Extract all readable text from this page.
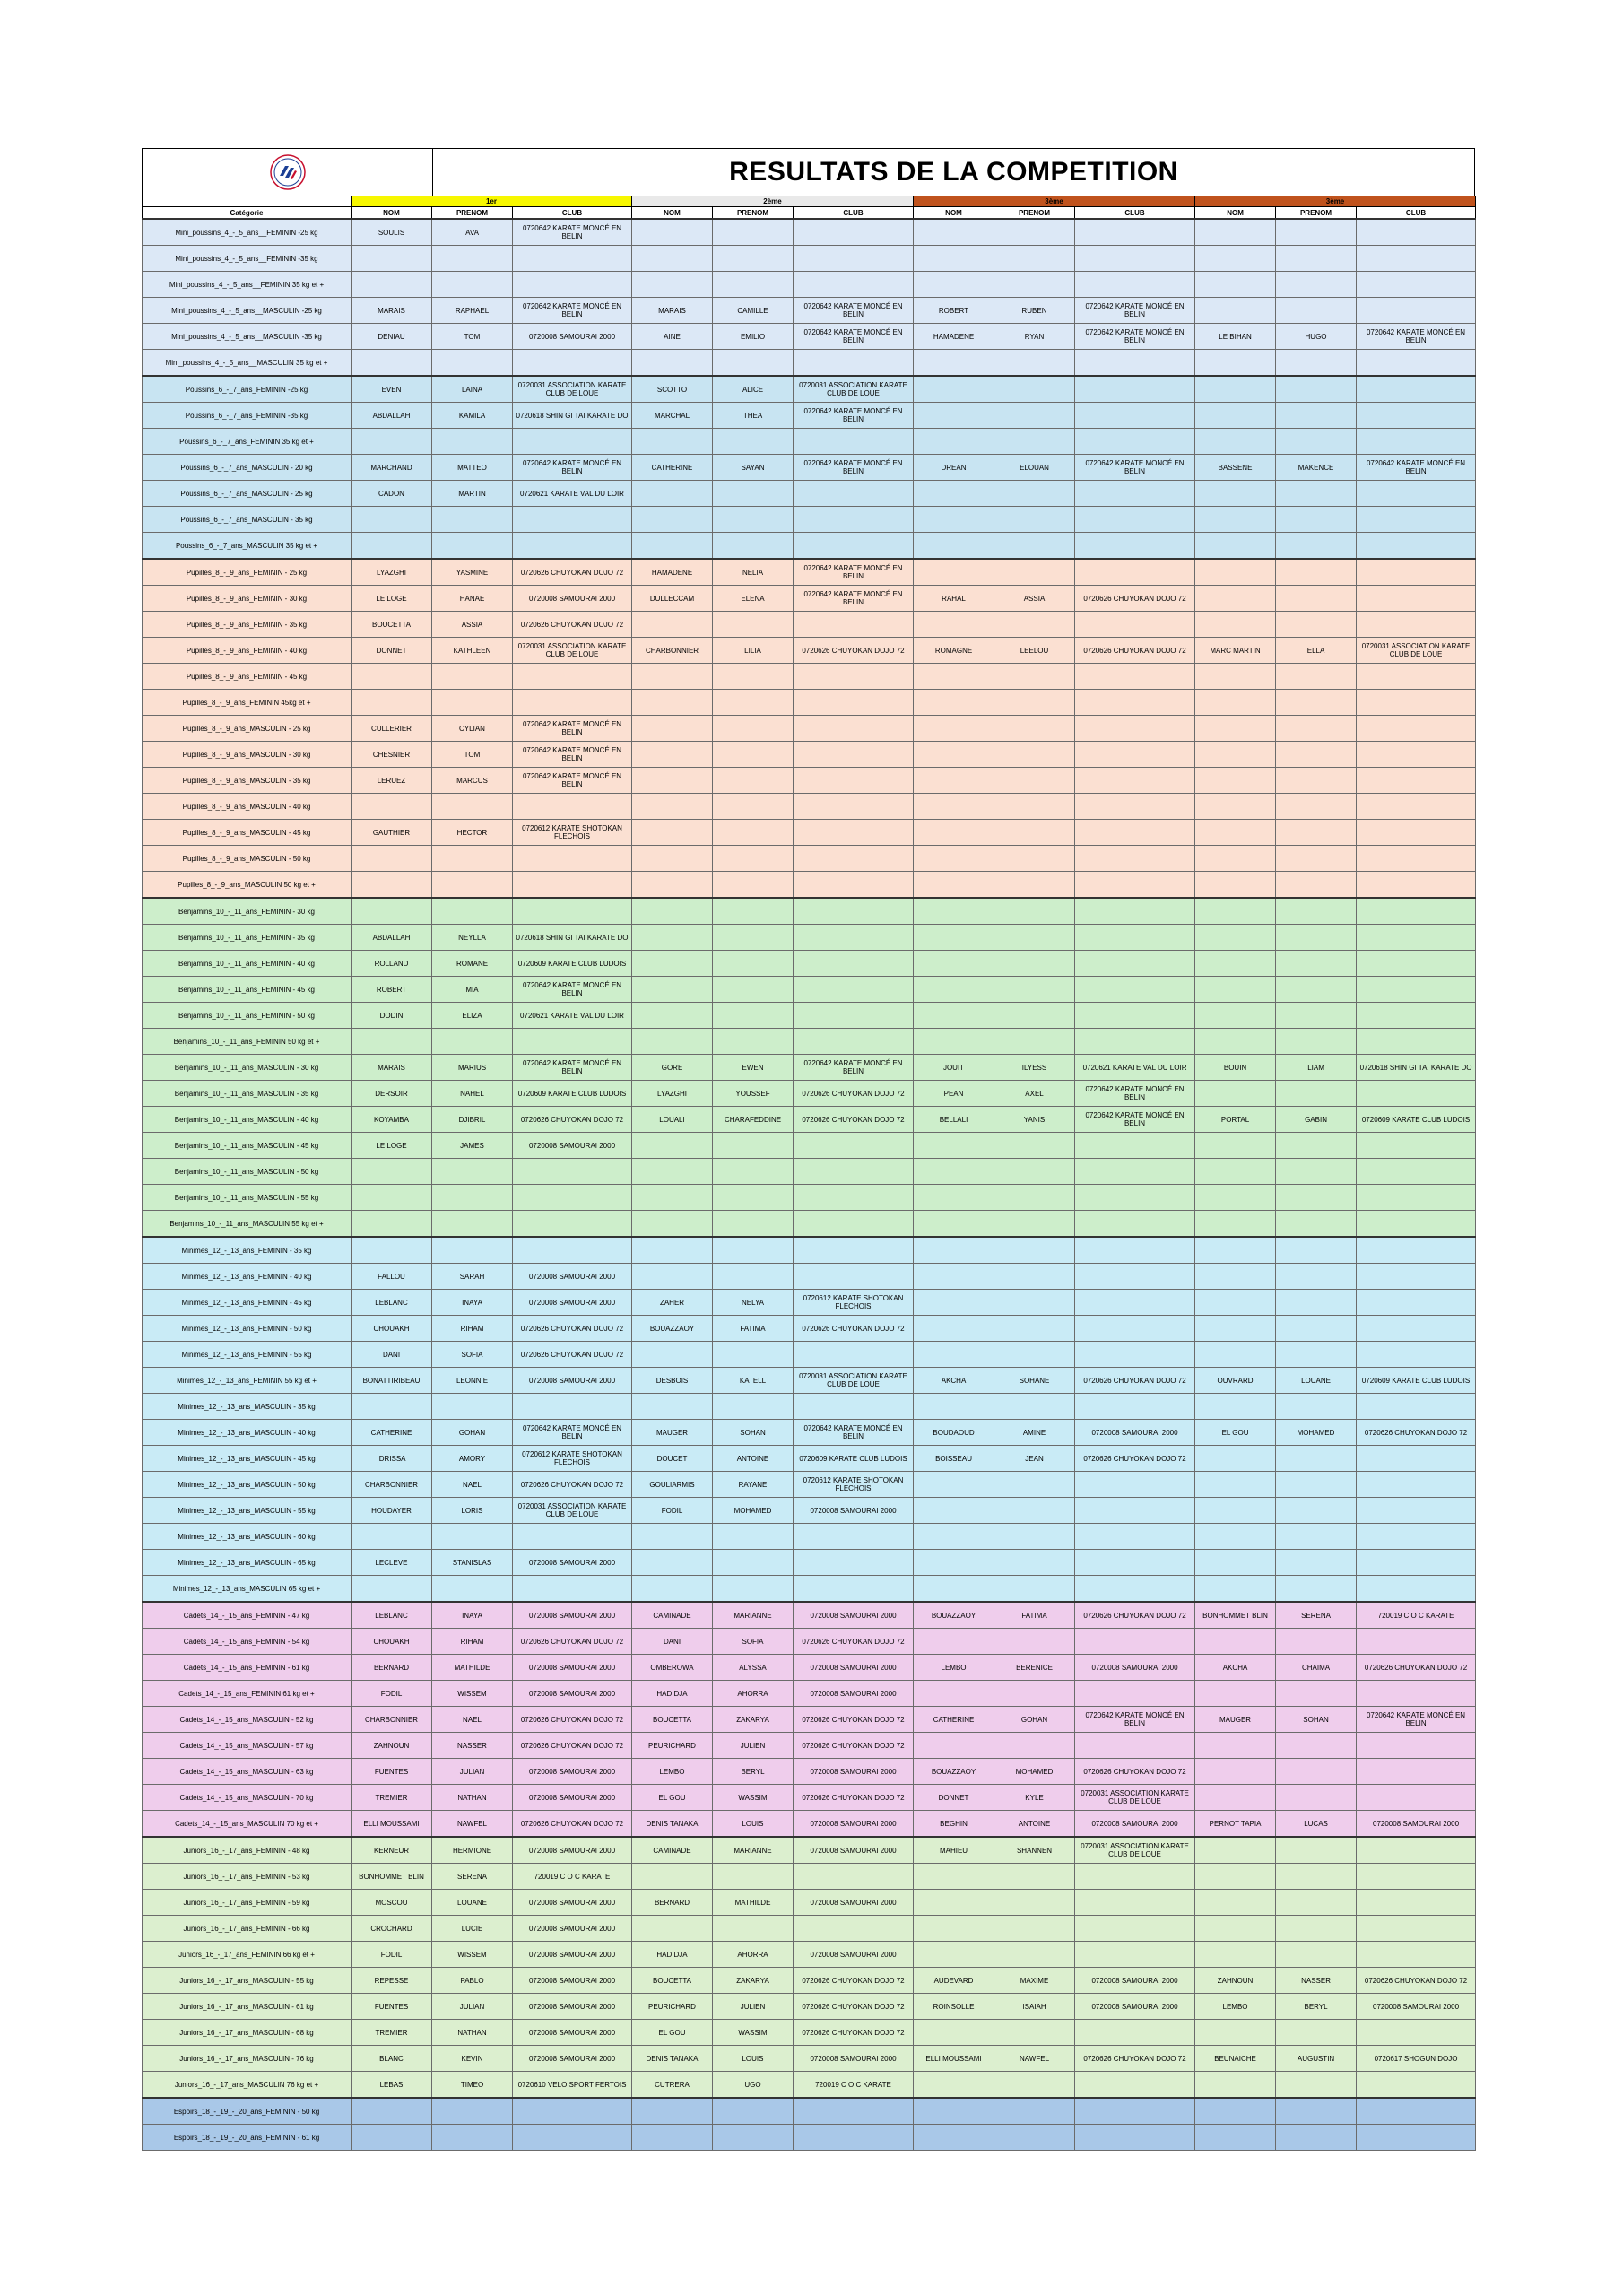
RESULTATS DE LA COMPETITION
	1er			2ème			3ème			3ème		
Catégorie	NOM	PRENOM	CLUB	NOM	PRENOM	CLUB	NOM	PRENOM	CLUB	NOM	PRENOM	CLUB
Mini_poussins_4_-_5_ans__FEMININ -25 kg	SOULIS	AVA	0720642 KARATE MONCÉ EN BELIN									
Mini_poussins_4_-_5_ans__FEMININ -35 kg												
Mini_poussins_4_-_5_ans__FEMININ 35 kg et +												
Mini_poussins_4_-_5_ans__MASCULIN -25 kg	MARAIS	RAPHAEL	0720642 KARATE MONCÉ EN BELIN	MARAIS	CAMILLE	0720642 KARATE MONCÉ EN BELIN	ROBERT	RUBEN	0720642 KARATE MONCÉ EN BELIN			
Mini_poussins_4_-_5_ans__MASCULIN -35 kg	DENIAU	TOM	0720008 SAMOURAI 2000	AINE	EMILIO	0720642 KARATE MONCÉ EN BELIN	HAMADENE	RYAN	0720642 KARATE MONCÉ EN BELIN	LE BIHAN	HUGO	0720642 KARATE MONCÉ EN BELIN
Mini_poussins_4_-_5_ans__MASCULIN 35 kg et +												
Poussins_6_-_7_ans_FEMININ -25 kg	EVEN	LAINA	0720031 ASSOCIATION KARATE CLUB DE LOUE	SCOTTO	ALICE	0720031 ASSOCIATION KARATE CLUB DE LOUE						
Poussins_6_-_7_ans_FEMININ -35 kg	ABDALLAH	KAMILA	0720618 SHIN GI TAI KARATE DO	MARCHAL	THEA	0720642 KARATE MONCÉ EN BELIN						
Poussins_6_-_7_ans_FEMININ 35 kg et +												
Poussins_6_-_7_ans_MASCULIN - 20 kg	MARCHAND	MATTEO	0720642 KARATE MONCÉ EN BELIN	CATHERINE	SAYAN	0720642 KARATE MONCÉ EN BELIN	DREAN	ELOUAN	0720642 KARATE MONCÉ EN BELIN	BASSENE	MAKENCE	0720642 KARATE MONCÉ EN BELIN
Poussins_6_-_7_ans_MASCULIN - 25 kg	CADON	MARTIN	0720621 KARATE VAL DU LOIR									
Poussins_6_-_7_ans_MASCULIN - 35 kg												
Poussins_6_-_7_ans_MASCULIN 35 kg et +												
Pupilles_8_-_9_ans_FEMININ - 25 kg	LYAZGHI	YASMINE	0720626 CHUYOKAN DOJO 72	HAMADENE	NELIA	0720642 KARATE MONCÉ EN BELIN						
Pupilles_8_-_9_ans_FEMININ - 30 kg	LE LOGE	HANAE	0720008 SAMOURAI 2000	DULLECCAM	ELENA	0720642 KARATE MONCÉ EN BELIN	RAHAL	ASSIA	0720626 CHUYOKAN DOJO 72			
Pupilles_8_-_9_ans_FEMININ - 35 kg	BOUCETTA	ASSIA	0720626 CHUYOKAN DOJO 72									
Pupilles_8_-_9_ans_FEMININ - 40 kg	DONNET	KATHLEEN	0720031 ASSOCIATION KARATE CLUB DE LOUE	CHARBONNIER	LILIA	0720626 CHUYOKAN DOJO 72	ROMAGNE	LEELOU	0720626 CHUYOKAN DOJO 72	MARC MARTIN	ELLA	0720031 ASSOCIATION KARATE CLUB DE LOUE
Pupilles_8_-_9_ans_FEMININ - 45 kg												
Pupilles_8_-_9_ans_FEMININ 45kg et +												
Pupilles_8_-_9_ans_MASCULIN - 25 kg	CULLERIER	CYLIAN	0720642 KARATE MONCÉ EN BELIN									
Pupilles_8_-_9_ans_MASCULIN - 30 kg	CHESNIER	TOM	0720642 KARATE MONCÉ EN BELIN									
Pupilles_8_-_9_ans_MASCULIN - 35 kg	LERUEZ	MARCUS	0720642 KARATE MONCÉ EN BELIN									
Pupilles_8_-_9_ans_MASCULIN - 40 kg												
Pupilles_8_-_9_ans_MASCULIN - 45 kg	GAUTHIER	HECTOR	0720612 KARATE SHOTOKAN FLECHOIS									
Pupilles_8_-_9_ans_MASCULIN - 50 kg												
Pupilles_8_-_9_ans_MASCULIN 50 kg et +												
Benjamins_10_-_11_ans_FEMININ - 30 kg												
Benjamins_10_-_11_ans_FEMININ - 35 kg	ABDALLAH	NEYLLA	0720618 SHIN GI TAI KARATE DO									
Benjamins_10_-_11_ans_FEMININ - 40 kg	ROLLAND	ROMANE	0720609 KARATE CLUB LUDOIS									
Benjamins_10_-_11_ans_FEMININ - 45 kg	ROBERT	MIA	0720642 KARATE MONCÉ EN BELIN									
Benjamins_10_-_11_ans_FEMININ - 50 kg	DODIN	ELIZA	0720621 KARATE VAL DU LOIR									
Benjamins_10_-_11_ans_FEMININ 50 kg et +												
Benjamins_10_-_11_ans_MASCULIN - 30 kg	MARAIS	MARIUS	0720642 KARATE MONCÉ EN BELIN	GORE	EWEN	0720642 KARATE MONCÉ EN BELIN	JOUIT	ILYESS	0720621 KARATE VAL DU LOIR	BOUIN	LIAM	0720618 SHIN GI TAI KARATE DO
Benjamins_10_-_11_ans_MASCULIN - 35 kg	DERSOIR	NAHEL	0720609 KARATE CLUB LUDOIS	LYAZGHI	YOUSSEF	0720626 CHUYOKAN DOJO 72	PEAN	AXEL	0720642 KARATE MONCÉ EN BELIN			
Benjamins_10_-_11_ans_MASCULIN - 40 kg	KOYAMBA	DJIBRIL	0720626 CHUYOKAN DOJO 72	LOUALI	CHARAFEDDINE	0720626 CHUYOKAN DOJO 72	BELLALI	YANIS	0720642 KARATE MONCÉ EN BELIN	PORTAL	GABIN	0720609 KARATE CLUB LUDOIS
Benjamins_10_-_11_ans_MASCULIN - 45 kg	LE LOGE	JAMES	0720008 SAMOURAI 2000									
Benjamins_10_-_11_ans_MASCULIN - 50 kg												
Benjamins_10_-_11_ans_MASCULIN - 55 kg												
Benjamins_10_-_11_ans_MASCULIN 55 kg et +												
Minimes_12_-_13_ans_FEMININ - 35 kg												
Minimes_12_-_13_ans_FEMININ - 40 kg	FALLOU	SARAH	0720008 SAMOURAI 2000									
Minimes_12_-_13_ans_FEMININ - 45 kg	LEBLANC	INAYA	0720008 SAMOURAI 2000	ZAHER	NELYA	0720612 KARATE SHOTOKAN FLECHOIS						
Minimes_12_-_13_ans_FEMININ - 50 kg	CHOUAKH	RIHAM	0720626 CHUYOKAN DOJO 72	BOUAZZAOY	FATIMA	0720626 CHUYOKAN DOJO 72						
Minimes_12_-_13_ans_FEMININ - 55 kg	DANI	SOFIA	0720626 CHUYOKAN DOJO 72									
Minimes_12_-_13_ans_FEMININ 55 kg et +	BONATTIRIBEAU	LEONNIE	0720008 SAMOURAI 2000	DESBOIS	KATELL	0720031 ASSOCIATION KARATE CLUB DE LOUE	AKCHA	SOHANE	0720626 CHUYOKAN DOJO 72	OUVRARD	LOUANE	0720609 KARATE CLUB LUDOIS
Minimes_12_-_13_ans_MASCULIN - 35 kg												
Minimes_12_-_13_ans_MASCULIN - 40 kg	CATHERINE	GOHAN	0720642 KARATE MONCÉ EN BELIN	MAUGER	SOHAN	0720642 KARATE MONCÉ EN BELIN	BOUDAOUD	AMINE	0720008 SAMOURAI 2000	EL GOU	MOHAMED	0720626 CHUYOKAN DOJO 72
Minimes_12_-_13_ans_MASCULIN - 45 kg	IDRISSA	AMORY	0720612 KARATE SHOTOKAN FLECHOIS	DOUCET	ANTOINE	0720609 KARATE CLUB LUDOIS	BOISSEAU	JEAN	0720626 CHUYOKAN DOJO 72			
Minimes_12_-_13_ans_MASCULIN - 50 kg	CHARBONNIER	NAEL	0720626 CHUYOKAN DOJO 72	GOULIARMIS	RAYANE	0720612 KARATE SHOTOKAN FLECHOIS						
Minimes_12_-_13_ans_MASCULIN - 55 kg	HOUDAYER	LORIS	0720031 ASSOCIATION KARATE CLUB DE LOUE	FODIL	MOHAMED	0720008 SAMOURAI 2000						
Minimes_12_-_13_ans_MASCULIN - 60 kg												
Minimes_12_-_13_ans_MASCULIN - 65 kg	LECLEVE	STANISLAS	0720008 SAMOURAI 2000									
Minimes_12_-_13_ans_MASCULIN 65 kg et +												
Cadets_14_-_15_ans_FEMININ - 47 kg	LEBLANC	INAYA	0720008 SAMOURAI 2000	CAMINADE	MARIANNE	0720008 SAMOURAI 2000	BOUAZZAOY	FATIMA	0720626 CHUYOKAN DOJO 72	BONHOMMET BLIN	SERENA	720019 C O C KARATE
Cadets_14_-_15_ans_FEMININ - 54 kg	CHOUAKH	RIHAM	0720626 CHUYOKAN DOJO 72	DANI	SOFIA	0720626 CHUYOKAN DOJO 72						
Cadets_14_-_15_ans_FEMININ - 61 kg	BERNARD	MATHILDE	0720008 SAMOURAI 2000	OMBEROWA	ALYSSA	0720008 SAMOURAI 2000	LEMBO	BERENICE	0720008 SAMOURAI 2000	AKCHA	CHAIMA	0720626 CHUYOKAN DOJO 72
Cadets_14_-_15_ans_FEMININ 61 kg et +	FODIL	WISSEM	0720008 SAMOURAI 2000	HADIDJA	AHORRA	0720008 SAMOURAI 2000						
Cadets_14_-_15_ans_MASCULIN - 52 kg	CHARBONNIER	NAEL	0720626 CHUYOKAN DOJO 72	BOUCETTA	ZAKARYA	0720626 CHUYOKAN DOJO 72	CATHERINE	GOHAN	0720642 KARATE MONCÉ EN BELIN	MAUGER	SOHAN	0720642 KARATE MONCÉ EN BELIN
Cadets_14_-_15_ans_MASCULIN - 57 kg	ZAHNOUN	NASSER	0720626 CHUYOKAN DOJO 72	PEURICHARD	JULIEN	0720626 CHUYOKAN DOJO 72						
Cadets_14_-_15_ans_MASCULIN - 63 kg	FUENTES	JULIAN	0720008 SAMOURAI 2000	LEMBO	BERYL	0720008 SAMOURAI 2000	BOUAZZAOY	MOHAMED	0720626 CHUYOKAN DOJO 72			
Cadets_14_-_15_ans_MASCULIN - 70 kg	TREMIER	NATHAN	0720008 SAMOURAI 2000	EL GOU	WASSIM	0720626 CHUYOKAN DOJO 72	DONNET	KYLE	0720031 ASSOCIATION KARATE CLUB DE LOUE			
Cadets_14_-_15_ans_MASCULIN 70 kg et +	ELLI MOUSSAMI	NAWFEL	0720626 CHUYOKAN DOJO 72	DENIS TANAKA	LOUIS	0720008 SAMOURAI 2000	BEGHIN	ANTOINE	0720008 SAMOURAI 2000	PERNOT TAPIA	LUCAS	0720008 SAMOURAI 2000
Juniors_16_-_17_ans_FEMININ - 48 kg	KERNEUR	HERMIONE	0720008 SAMOURAI 2000	CAMINADE	MARIANNE	0720008 SAMOURAI 2000	MAHIEU	SHANNEN	0720031 ASSOCIATION KARATE CLUB DE LOUE			
Juniors_16_-_17_ans_FEMININ - 53 kg	BONHOMMET BLIN	SERENA	720019 C O C KARATE									
Juniors_16_-_17_ans_FEMININ - 59 kg	MOSCOU	LOUANE	0720008 SAMOURAI 2000	BERNARD	MATHILDE	0720008 SAMOURAI 2000						
Juniors_16_-_17_ans_FEMININ - 66 kg	CROCHARD	LUCIE	0720008 SAMOURAI 2000									
Juniors_16_-_17_ans_FEMININ 66 kg et +	FODIL	WISSEM	0720008 SAMOURAI 2000	HADIDJA	AHORRA	0720008 SAMOURAI 2000						
Juniors_16_-_17_ans_MASCULIN - 55 kg	REPESSE	PABLO	0720008 SAMOURAI 2000	BOUCETTA	ZAKARYA	0720626 CHUYOKAN DOJO 72	AUDEVARD	MAXIME	0720008 SAMOURAI 2000	ZAHNOUN	NASSER	0720626 CHUYOKAN DOJO 72
Juniors_16_-_17_ans_MASCULIN - 61 kg	FUENTES	JULIAN	0720008 SAMOURAI 2000	PEURICHARD	JULIEN	0720626 CHUYOKAN DOJO 72	ROINSOLLE	ISAIAH	0720008 SAMOURAI 2000	LEMBO	BERYL	0720008 SAMOURAI 2000
Juniors_16_-_17_ans_MASCULIN - 68 kg	TREMIER	NATHAN	0720008 SAMOURAI 2000	EL GOU	WASSIM	0720626 CHUYOKAN DOJO 72						
Juniors_16_-_17_ans_MASCULIN - 76 kg	BLANC	KEVIN	0720008 SAMOURAI 2000	DENIS TANAKA	LOUIS	0720008 SAMOURAI 2000	ELLI MOUSSAMI	NAWFEL	0720626 CHUYOKAN DOJO 72	BEUNAICHE	AUGUSTIN	0720617 SHOGUN DOJO
Juniors_16_-_17_ans_MASCULIN 76 kg et +	LEBAS	TIMEO	0720610 VELO SPORT FERTOIS	CUTRERA	UGO	720019 C O C KARATE						
Espoirs_18_-_19_-_20_ans_FEMININ - 50 kg												
Espoirs_18_-_19_-_20_ans_FEMININ - 61 kg												
